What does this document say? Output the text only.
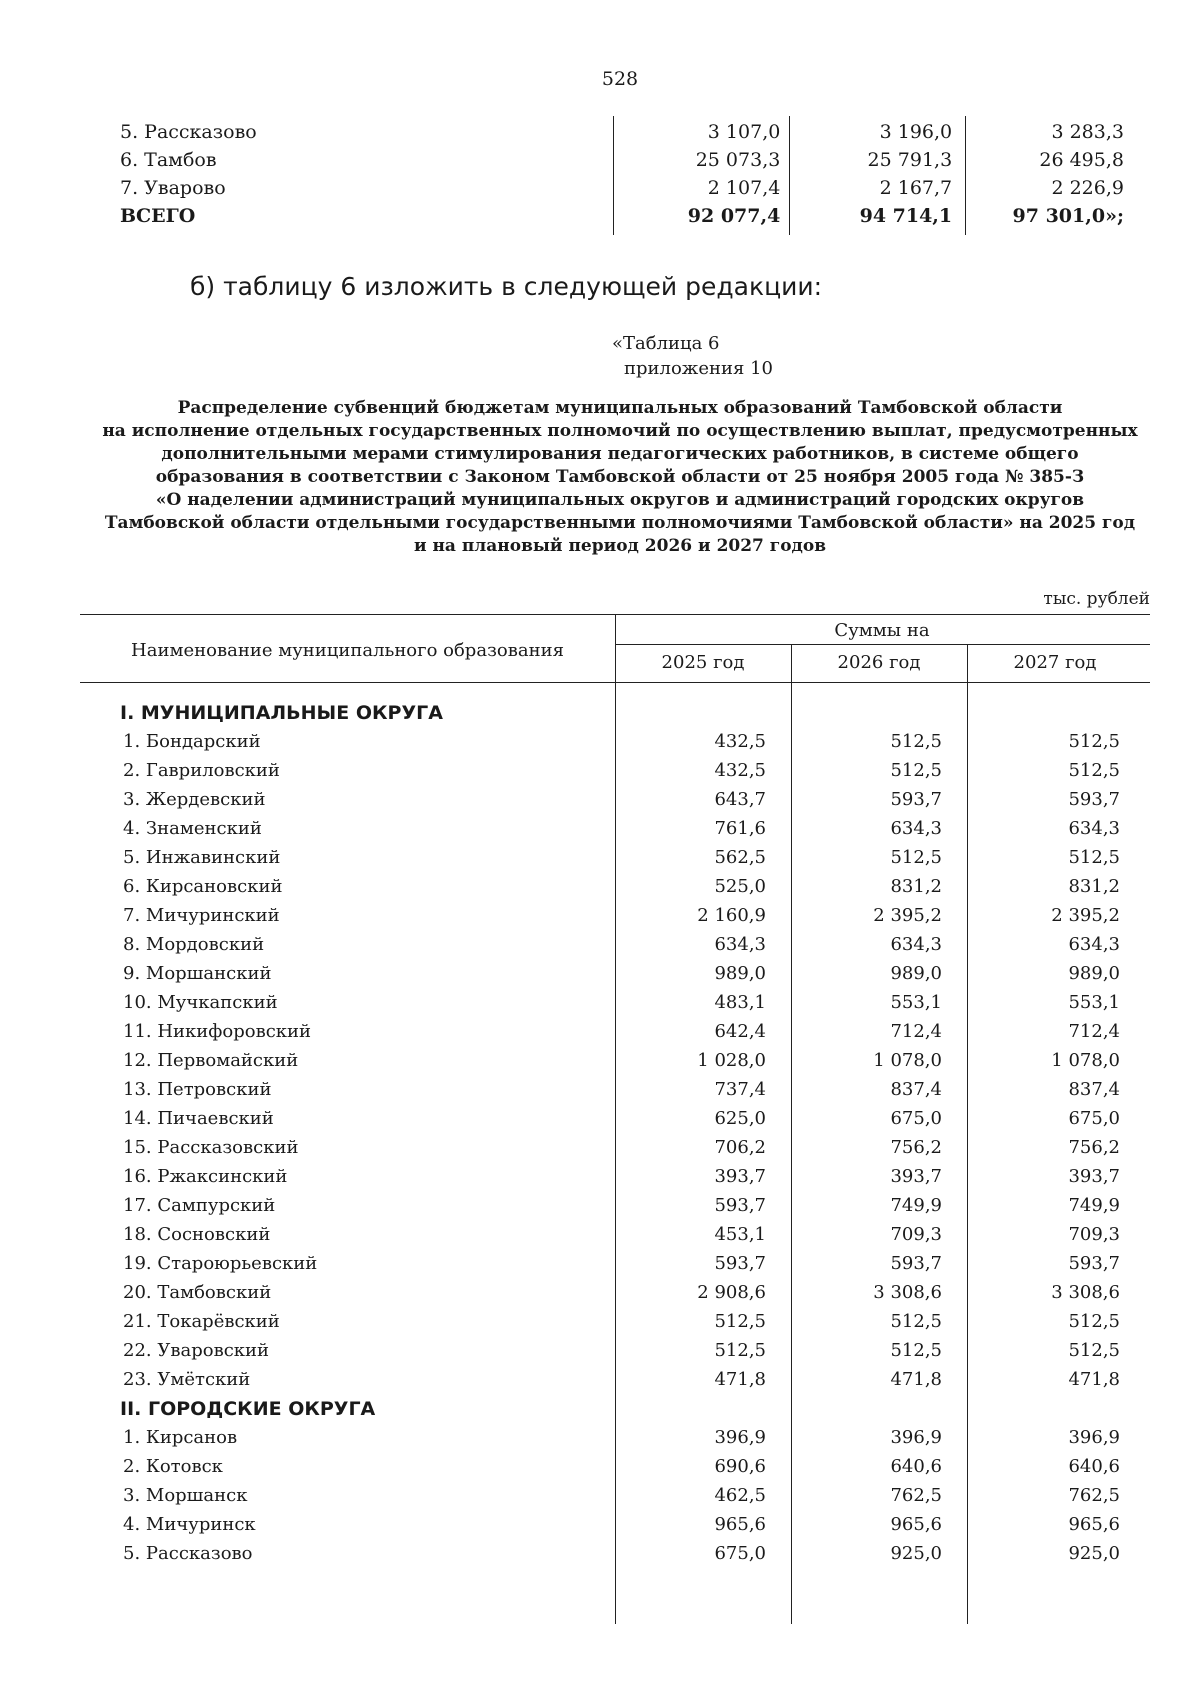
528
5. Рассказово	3 107,0	3 196,0	3 283,3
6. Тамбов	25 073,3	25 791,3	26 495,8
7. Уварово	2 107,4	2 167,7	2 226,9
ВСЕГО	92 077,4	94 714,1	97 301,0»;
б) таблицу 6 изложить в следующей редакции:
«Таблица 6
приложения 10
Распределение субвенций бюджетам муниципальных образований Тамбовской области
на исполнение отдельных государственных полномочий по осуществлению выплат, предусмотренных
дополнительными мерами стимулирования педагогических работников, в системе общего
образования в соответствии с Законом Тамбовской области от 25 ноября 2005 года № 385-З
«О наделении администраций муниципальных округов и администраций городских округов
Тамбовской области отдельными государственными полномочиями Тамбовской области» на 2025 год
и на плановый период 2026 и 2027 годов
тыс. рублей
Наименование муниципального образования
Суммы на
2025 год	2026 год	2027 год
I. МУНИЦИПАЛЬНЫЕ ОКРУГА
1. Бондарский	432,5	512,5	512,5
2. Гавриловский	432,5	512,5	512,5
3. Жердевский	643,7	593,7	593,7
4. Знаменский	761,6	634,3	634,3
5. Инжавинский	562,5	512,5	512,5
6. Кирсановский	525,0	831,2	831,2
7. Мичуринский	2 160,9	2 395,2	2 395,2
8. Мордовский	634,3	634,3	634,3
9. Моршанский	989,0	989,0	989,0
10. Мучкапский	483,1	553,1	553,1
11. Никифоровский	642,4	712,4	712,4
12. Первомайский	1 028,0	1 078,0	1 078,0
13. Петровский	737,4	837,4	837,4
14. Пичаевский	625,0	675,0	675,0
15. Рассказовский	706,2	756,2	756,2
16. Ржаксинский	393,7	393,7	393,7
17. Сампурский	593,7	749,9	749,9
18. Сосновский	453,1	709,3	709,3
19. Староюрьевский	593,7	593,7	593,7
20. Тамбовский	2 908,6	3 308,6	3 308,6
21. Токарёвский	512,5	512,5	512,5
22. Уваровский	512,5	512,5	512,5
23. Умётский	471,8	471,8	471,8
II. ГОРОДСКИЕ ОКРУГА
1. Кирсанов	396,9	396,9	396,9
2. Котовск	690,6	640,6	640,6
3. Моршанск	462,5	762,5	762,5
4. Мичуринск	965,6	965,6	965,6
5. Рассказово	675,0	925,0	925,0
